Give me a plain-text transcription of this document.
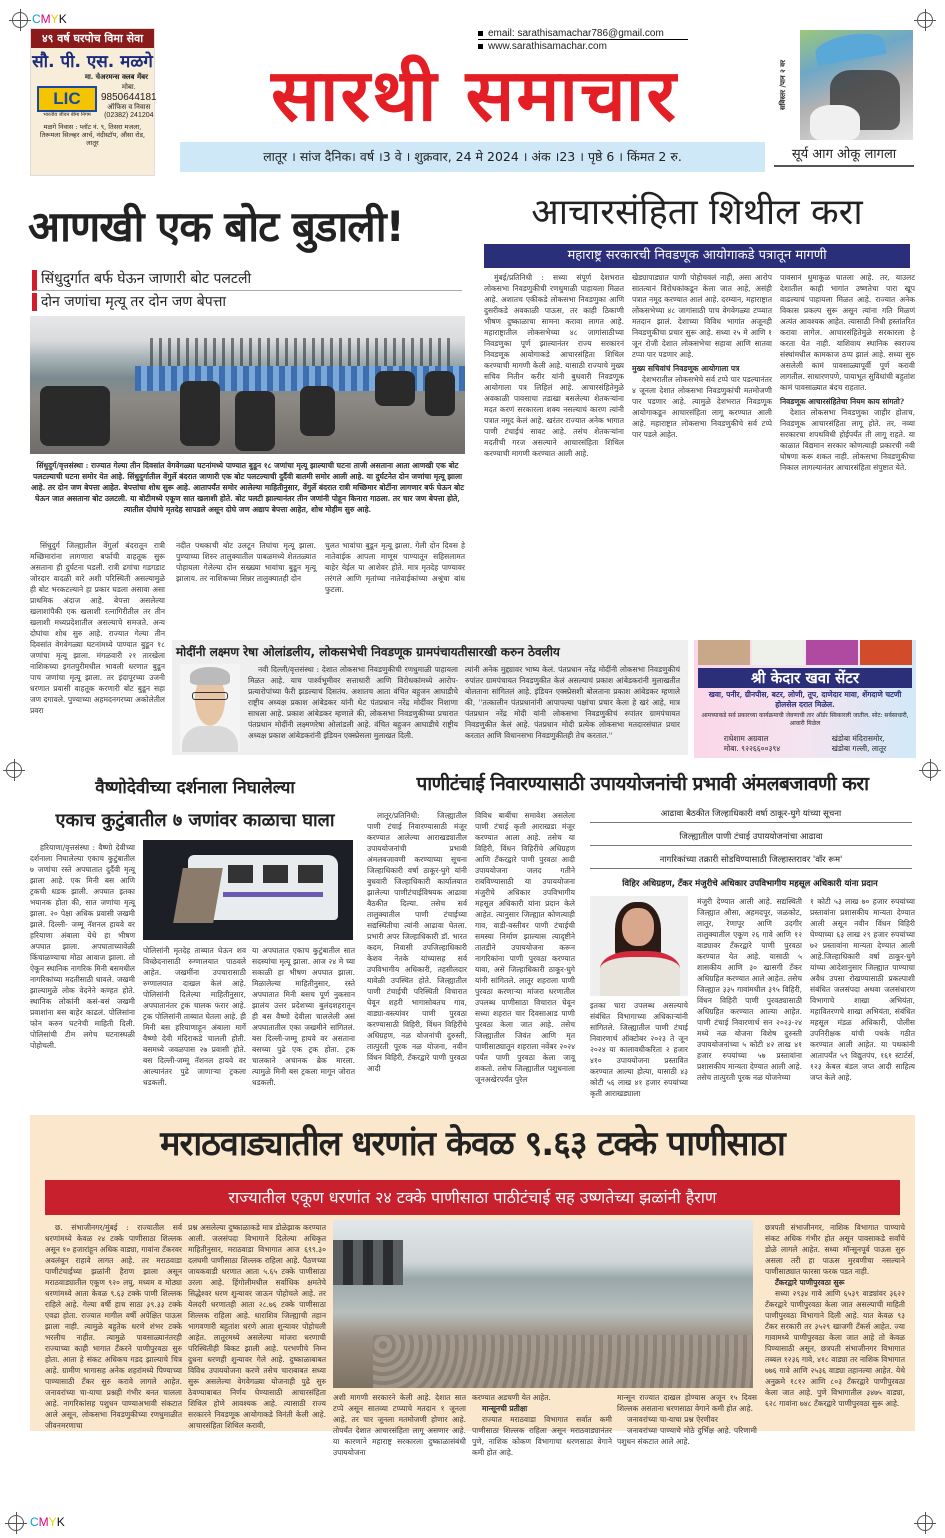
CMYK
CMYK
४९ वर्ष घरपोच विमा सेवा
सौ. पी. एस. मळगे
मा. चेअरमन्स क्लब मेंबर
LIC
भारतीय जीवन बीमा निगम
मोबा.
9850644181
ऑफिस व निवास
(02382) 241204
मळगे निवास : प्लॉट नं. ९, तिसरा मजला, तिरूमला सिल्व्हर आर्च, नंदीस्टॉप, औसा रोड, लातूर
email: sarathisamachar786@gmail.com
www.sarathisamachar.com
सारथी समाचार
लातूर । सांज दैनिक। वर्ष ।3 वे । शुक्रवार, 24 मे 2024 । अंक ।23 । पृष्ठे 6 । किंमत 2 रु.
सविस्तर /पान २ वर
सूर्य आग ओकू लागला
आणखी एक बोट बुडाली!
सिंधुदुर्गात बर्फ घेऊन जाणारी बोट पलटली
दोन जणांचा मृत्यू तर दोन जण बेपत्ता
सिंधुदुर्ग/वृत्तसंस्था : राज्यात गेल्या तीन दिवसांत वेगवेगळ्या घटनांमध्ये पाण्यात बुडून १८ जणांचा मृत्यू झाल्याची घटना ताजी असताना आता आणखी एक बोट पलटल्याची घटना समोर येत आहे. सिंधुदुर्गातील वेंगुर्ले बंदरात जाणारी एक बोट पलटल्याची दुर्दैवी बातमी समोर आली आहे. या दुर्घटनेत दोन जणांचा मृत्यू झाला आहे. तर दोन जण बेपत्ता आहेत. बेपत्तांचा शोध सुरू आहे. आतापर्यंत समोर आलेल्या माहितीनुसार, वेंगुर्ले बंदरात रात्री मच्छिमार बोटींना लागणार बर्फ घेऊन बोट घेऊन जात असताना बोट उलटली. या बोटीमध्ये एकूण सात खलाशी होते. बोट पलटी झाल्यानंतर तीन जणांनी पोहून किनारा गाठला. तर चार जण बेपत्ता होते, त्यातील दोघांचे मृतदेह सापडले असून दोघे जण अद्याप बेपत्ता आहेत, शोध मोहीम सुरु आहे.
सिंधुदुर्ग जिल्ह्यातील वेंगुर्ला बंदरातून रात्री मच्छिमारांना लागणारा बर्फाची वाहतूक सुरू असताना ही दुर्घटना घडली. रात्री ढगांचा गडगडाट जोरदार वादळी वारे अशी परिस्थिती असल्यामुळे ही बोट भरकटल्याने हा प्रकार घडला असावा असा प्राथमिक अंदाज आहे. बेपत्ता असलेल्या खलाशांपैकी एक खलाशी रत्नागिरीतील तर तीन खलाशी मध्यप्रदेशातील असल्याचे समजते. अन्य दोघांचा शोध सुरु आहे. राज्यात गेल्या तीन दिवसांत वेगवेगळ्या घटनांमध्ये पाण्यात बुडून १८ जणांचा मृत्यू झाला. मंगळवारी २१ तारखेला नाशिकच्या इगतपुरीमधील भावली धरणात बुडून पाच जणांचा मृत्यू झाला. तर इंदापूरच्या उजनी धरणात प्रवासी वाहतूक करणारी बोट बुडून सहा जण दगावले. पुण्याच्या अहमदनगरच्या अकोलेतील प्रवरा
नदीत पथकाची बोट उलटून तिघांचा मृत्यू झाला. पुण्याच्या शिरुर तालुक्यातील पाबळमध्ये शेततळ्यात पोहायला गेलेल्या दोन सख्ख्या भावांचा बुडून मृत्यू झालाय. तर नाशिकच्या सिन्नर तालुक्यातही दोन
चुलत भावांचा बुडून मृत्यू झाला. गेली दोन दिवस हे नातेवाईक आपला माणूस पाण्यातून सहिसलामत बाहेर येईल या आशेवर होते. मात्र मृतदेह पाण्यावर तरंगले आणि मृतांच्या नातेवाईकांच्या अश्रूंचा बांध फुटला.
आचारसंहिता शिथील करा
महाराष्ट्र सरकारची निवडणूक आयोगाकडे पत्रातून मागणी
मुंबई/प्रतिनिधी : सध्या संपूर्ण देशभरात लोकसभा निवडणुकीची रणधुमाळी पाहायला मिळत आहे. अशातच एकीकडे लोकसभा निवडणुका आणि दुसरीकडे अवकाळी पाऊस, तर काही ठिकाणी भीषण दुष्काळाचा सामना करावा लागत आहे. महाराष्ट्रातील लोकसभेच्या ४८ जागांसाठीच्या निवडणुका पूर्ण झाल्यानंतर राज्य सरकारनं निवडणूक आयोगाकडे आचारसंहिता शिथिल करण्याची मागणी केली आहे. यासाठी राज्याचे मुख्य सचिव नितीन करीर यांनी बुधवारी निवडणूक आयोगाला पत्र लिहिलं आहे. आचारसंहितेमुळे अवकाळी पावसाचा तडाखा बसलेल्या शेतकऱ्यांना मदत करणं सरकारला शक्य नसल्याचं कारण त्यांनी पत्रात नमूद केलं आहे. खरंतर राज्यात अनेक भागात पाणी टंचाईचं सावट आहे. तसंच शेतकऱ्यांना मदतीची गरज असल्याने आचारसंहिता शिथिल करण्याची मागणी करण्यात आली आहे.
खेड्यापाड्यात पाणी पोहोचवलं नाही, असा आरोप सातत्यानं विरोधकांकडून केला जात आहे, असंही पत्रात नमूद करण्यात आलं आहे. दरम्यान, महाराष्ट्रात लोकसभेच्या ४८ जागांसाठी पाच वेगवेगळ्या टप्प्यात मतदान झालं. देशाच्या विविध भागांत अजूनही निवडणुकीचा प्रचार सुरू आहे. सध्या २५ मे आणि १ जून रोजी देशात लोकसभेचा सहावा आणि सातवा टप्पा पार पडणार आहे.
मुख्य सचिवांचं निवडणूक आयोगाला पत्र
देशभरातील लोकसभेचे सर्व टप्पे पार पडल्यानंतर ४ जूनला देशात लोकसभा निवडणुकांची मतमोजणी पार पडणार आहे. त्यामुळे देशभरात निवडणूक आयोगाकडून आचारसंहिता लागू करण्यात आली आहे. महाराष्ट्रात लोकसभा निवडणुकीचे सर्व टप्पे पार पडले आहेत.
पावसानं धुमाकूळ घातला आहे. तर, याउलट देशातील काही भागांत उष्णतेचा पारा खूप वाढल्याचं पाहायला मिळत आहे. राज्यात अनेक विकास प्रकल्प सुरू असून त्यांना गति मिळणं अत्यंत आवश्यक आहेत. त्यासाठी निधी हस्तांतरित करावा लागेल. आचारसंहितेमुळे सरकारला हे करता येत नाही. याशिवाय स्थानिक स्वराज्य संस्थांमधील कामकाज ठप्प झालं आहे. सध्या सुरु असलेली कामं पावसाळ्यापूर्वी पूर्ण करावी लागतील. साधारणपणे, पायाभूत सुविधांची बहुतांश कामं पावसाळ्यात बंदच राहतात.
निवडणूक आचारसंहितेचा नियम काय सांगतो?
देशात लोकसभा निवडणुका जाहीर होताच, निवडणूक आचारसंहिता लागू होते. तर, नव्या सरकारचा शपथविधी होईपर्यंत ती लागू राहते. या काळात विद्यमान सरकार कोणत्याही प्रकारची नवी घोषणा करू शकत नाही. लोकसभा निवडणुकीचा निकाल लागल्यानंतर आचारसंहिता संपुष्टात येते.
मोदींनी लक्ष्मण रेषा ओलांडलीय, लोकसभेची निवडणूक ग्रामपंचायतीसारखी करुन ठेवलीय
नवी दिल्ली/वृत्तसंस्था : देशात लोकसभा निवडणुकीची रणधुमाळी पाहायला मिळत आहे. याच पार्श्वभूमीवर सत्ताधारी आणि विरोधकांमध्ये आरोप-प्रत्यारोपांच्या फैरी झडल्याचं दिसतंय. अशातच आता वंचित बहुजन आघाडीचे राष्ट्रीय अध्यक्ष प्रकाश आंबेडकर यांनी थेट पंतप्रधान नरेंद्र मोदींवर निशाणा साधला आहे. प्रकाश आंबेडकर म्हणाले की, लोकसभा निवडणुकीच्या प्रचारात पंतप्रधान मोदींनी लक्ष्मणरेषा ओलांडली आहे. वंचित बहुजन आघाडीचे राष्ट्रीय अध्यक्ष प्रकाश आंबेडकरांनी इंडियन एक्स्प्रेसला मुलाखत दिली.
त्यांनी अनेक मुद्द्यावर भाष्य केलं. पंतप्रधान नरेंद्र मोदींनी लोकसभा निवडणुकीचं रुपांतर ग्रामपंचायत निवडणुकीत केलं असल्याचं प्रकाश आंबेडकरांनी मुलाखतीत बोलताना सांगितलं आहे. इंडियन एक्स्प्रेसशी बोलताना प्रकाश आंबेडकर म्हणाले की, ''तत्कालीन पंतप्रधानांनी आपापल्या पक्षांचा प्रचार केला हे खरं आहे, मात्र पंतप्रधान नरेंद्र मोदी यांनी लोकसभा निवडणुकीचं रुपांतर ग्रामपंचायत निवडणुकीत केलं आहे. पंतप्रधान मोदी प्रत्येक लोकसभा मतदारसंघात प्रचार करतात आणि विधानसभा निवडणुकीतही तेच करतात.''
श्री केदार खवा सेंटर
खवा, पनीर, ग्रीनपीस, बटर, लोणी, तूप, दाणेदार मावा, शेंगदाणे चटणी होलसेल दरात मिळेल.
आमच्याकडे सर्व प्रकारच्या कार्यक्रमाची जेवणाची तार ऑर्डर स्विकारली जातील. सोट: सर्वसाधारी, आवारी मिळेल
राधेशाम अग्रवाल
मोबा. ९२२६६००३९४
खंडोबा मंदिरासमोर,
खंडोबा गल्ली, लातूर
वैष्णोदेवीच्या दर्शनाला निघालेल्या
एकाच कुटुंबातील ७ जणांवर काळाचा घाला
हरियाणा/वृत्तसंस्था : वैष्णो देवीच्या दर्शनाला निघालेल्या एकाच कुटुंबातील ७ जणांचा रस्ते अपघातात दुर्दैवी मृत्यू झाला आहे. एक मिनी बस आणि ट्रकची धडक झाली. अपघात इतका भयानक होता की, सात जणांचा मृत्यू झाला. २० पेक्षा अधिक प्रवासी जखमी झाले. दिल्ली- जम्मू नॅशनल हायवे वर हरियाणा अंबाला येथे हा भीषण अपघात झाला. अपघाताच्यावेळी किंचाळण्याचा मोठा आवाज झाला. तो ऐकून स्थानिक नागरिक मिनी बसमधील नागरिकांच्या मदतीसाठी धावले. जखमी झाल्यामुळे लोक वेदनेने कण्हत होते. स्थानिक लोकांनी कसं-बसं जखमी प्रवाशांना बस बाहेर काढलं. पोलिसांना फोन करुन घटनेची माहिती दिली. पोलिसांची टीम लगेच घटनास्थळी पोहोचली.
पोलिसांनी मृतदेह ताब्यात घेऊन शव विच्छेदनासाठी रुग्णालयात पाठवले आहेत. जखमींना उपचारासाठी रुग्णालयात दाखल केलं आहे. पोलिसांनी दिलेल्या माहितीनुसार, अपघातानंतर ट्रक चालक फरार आहे. ट्रक पोलिसांनी ताब्यात घेतला आहे. ही मिनी बस हरियाणाहून अंबाला मार्गे वैष्णो देवी मंदिराकडे चालली होती. बसमध्ये जवळपास २७ प्रवासी होते. बस दिल्ली-जम्मू नॅशनल हायवे वर आल्यानंतर पुढे जाणाऱ्या ट्रकला धडकली.
या अपघातात एकाच कुटुंबातील सात सदस्यांचा मृत्यू झाला. आज २४ मे च्या सकाळी हा भीषण अपघात झाला. मिळालेल्या माहितीनुसार, रस्ते अपघातात मिनी बसच पूर्ण नुकसान झालंय उत्तर प्रदेशच्या बुलंदशहरातून ही बस वैष्णो देवीला चाललेली असं अपघातातील एका जखमीने सांगितलं. बस दिल्ली-जम्मू हायवे वर असताना बसच्या पुढे एक ट्रक होता. ट्रक चालकाने अचानक ब्रेक मारला. त्यामुळे मिनी बस ट्रकला मागून जोरात धडकली.
पाणीटंचाई निवारण्यासाठी उपाययोजनांची प्रभावी अंमलबजावणी करा
आढावा बैठकीत जिल्हाधिकारी वर्षा ठाकूर-घुगे यांच्या सूचना
जिल्ह्यातील पाणी टंचाई उपाययोजनांचा आढावा
नागरिकांच्या तक्रारी सोडविण्यासाठी जिल्हास्तरावर 'वॉर रूम'
विहिर अधिग्रहण, टँकर मंजुरीचे अधिकार उपविभागीय महसूल अधिकारी यांना प्रदान
लातूर/प्रतिनिधी: जिल्ह्यातील पाणी टंचाई निवारण्यासाठी मंजूर करण्यात आलेल्या आराखड्यातील उपाययोजनांची प्रभावी अंमलबजावणी करण्याच्या सूचना जिल्हाधिकारी वर्षा ठाकूर-घुगे यांनी बुधवारी जिल्हाधिकारी कार्यालयात झालेल्या पाणीटंचाईविषयक आढावा बैठकीत दिल्या. तसेच सर्व तालुक्यातील पाणी टंचाईच्या सद्यस्थितीचा त्यांनी आढावा घेतला. प्रभारी अपर जिल्हाधिकारी डॉ. भारत कदम, निवासी उपजिल्हाधिकारी केशव नेतके यांच्यासह सर्व उपविभागीय अधिकारी, तहसीलदार यावेळी उपस्थित होते. जिल्ह्यातील पाणी टंचाईची परिस्थिती विचारात घेवून शहरी भागासोबतच गाव, वाड्या-वस्त्यांवर पाणी पुरवठा करण्यासाठी विहिरी, विंधन विहिरींचे अधिग्रहण, नळ योजनांची दुरुस्ती, तात्पुरती पूरक नळ योजना, नवीन विंधन विहिरी, टँकरद्वारे पाणी पुरवठा आदी
विविध बाबींचा समावेश असलेला पाणी टंचाई कृती आराखडा मंजूर करण्यात आला आहे. तसेच या विहिरी, विंधन विहिरींचे अधिग्रहण आणि टँकरद्वारे पाणी पुरवठा आदी उपाययोजना जलद गतीने राबविण्यासाठी या उपाययोजना मंजुरीचे अधिकार उपविभागीय महसूल अधिकारी यांना प्रदान केले आहेत. त्यानुसार जिल्ह्यात कोणत्याही गाव, वाडी-वस्तीवर पाणी टंचाईची समस्या निर्माण झाल्यास त्यादृष्टीने तातडीने उपाययोजना करून नागरिकांना पाणी पुरवठा करण्यात यावा, असे जिल्हाधिकारी ठाकूर-घुगे यांनी सांगितले. लातूर शहराला पाणी पुरवठा करणाऱ्या मांजरा धरणातील उपलब्ध पाणीसाठा विचारात घेवून सध्या शहरात चार दिवसाआड पाणी पुरवठा केला जात आहे. तसेच जिल्ह्यातील जिवंत आणि मृत पाणीसाठ्यातून शहराला नवेंबर २०२४ पर्यंत पाणी पुरवठा केला जावू शकतो. तसेच जिल्ह्यातील पशुधनाला जूनअखेरपर्यंत पुरेल
इतका चारा उपलब्ध असल्याचे संबंधित विभागाच्या अधिकाऱ्यांनी सांगितले. जिल्ह्यातील पाणी टंचाई निवारणार्थ ऑक्टोबर २०२३ ते जून २०२४ या कालावधीकरिता २ हजार ४१० उपाययोजना प्रस्तावित करण्यात आल्या होत्या, यासाठी ४३ कोटी ५६ लाख ४१ हजार रुपयांच्या कृती आराखड्याला
मंजुरी देण्यात आली आहे. सद्यस्थिती जिल्ह्यात औसा, अहमदपूर, जळकोट, लातूर, रेणापूर आणि उदगीर तालुक्यातील एकूण २६ गावे आणि १२ वाड्यावर टँकरद्वारे पाणी पुरवठा करण्यात येत आहे. यासाठी ५ शासकीय आणि ३० खासगी टँकर अधिग्रहित करण्यात आले आहेत. तसेच जिल्ह्यात ३३५ गावांमधील ३९५ विहिरी, विंधन विहिरी पाणी पुरवठ्यासाठी अधिग्रहित करण्यात आल्या आहेत. पाणी टंचाई निवारणार्थ सन २०२३-२४ मध्ये नळ योजना विशेष दुरुस्ती उपाययोजनांच्या ५ कोटी ४२ लाख ४१ हजार रुपयांच्या ५७ प्रस्तावांना प्रशासकीय मान्यता देण्यात आली आहे. तसेच तात्पुरती पूरक नळ योजनेच्या
१ कोटी ५३ लाख ७० हजार रुपयांच्या प्रस्तावांना प्रशासकीय मान्यता देण्यात आली असून नवीन विंधन विहिरी घेण्याच्या ६३ लाख २९ हजार रुपयांच्या ७२ प्रस्तावांना मान्यता देण्यात आली आहे.जिल्हाधिकारी वर्षा ठाकूर-घुगे यांच्या आदेशानुसार जिल्ह्यात पाण्याचा अवैध उपसा रोखण्यासाठी प्रकल्पाशी संबंधित जलसंपदा अथवा जलसंधारण विभागाचे शाखा अभियंता, महावितरणचे शाखा अभियंता, संबंधित महसूल मंडळ अधिकारी, पोलीस उपनिरीक्षक यांची पथके गठीत करण्यात आली आहेत. या पथकांनी आतापर्यंत ५९ विद्युतपंप, १६१ स्टार्टर्स, १२३ केबल बंडल जप्त आदी साहित्य जप्त केले आहे.
मराठवाड्यातील धरणांत केवळ ९.६३ टक्के पाणीसाठा
राज्यातील एकूण धरणांत २४ टक्के पाणीसाठा पाठीटंचाई सह उष्णतेच्या झळांनी हैराण
छ. संभाजीनगर/मुंबई : राज्यातील सर्व धरणांमध्ये केवळ २४ टक्के पाणीसाठा शिल्लक असून १० हजारांहून अधिक वाड्या, गावांना टँकरवर अवलंबून राहावे लागत आहे. तर मराठवाडा पाणीटंचाईच्या झळांनी हैराण झाला असून मराठवाड्यातील एकूण ९२० लघु, मध्यम व मोठ्या धरणांमध्ये आता केवळ ९.६३ टक्के पाणी शिल्लक राहिले आहे. गेल्या वर्षी हाच साठा ३९.३३ टक्के एवढा होता. राज्यात मागील वर्षी अपेक्षित पाऊस झाला नाही. त्यामुळे बहुतेक धरणे शंभर टक्के भरलीच नाहीत. त्यामुळे पावसाळ्यानंतरही राज्याच्या काही भागात टँकरने पाणीपुरवठा सुरु होता. आता हे संकट अधिकच गडद झाल्याचे चित्र आहे. ग्रामीण भागासह अनेक शहरांमध्ये पिण्याच्या पाण्यासाठी टँकर सुरु करावे लागले आहेत. जनावरांच्या चा-याचा प्रश्नही गंभीर बनत चालला आहे. नागरिकांसह पशुधन पाण्याअभावी संकटात आले असून, लोकसभा निवडणुकीच्या रणधुमाळीत जीवनमरणाचा
प्रश्न असलेल्या दुष्काळाकडे मात्र डोळेझाक करण्यात आली. जलसंपदा विभागाने दिलेल्या अधिकृत माहितीनुसार, मराठवाडा विभागात आज ६९९.३० दलघमी पाणीसाठा शिल्लक राहिला आहे. पैठणच्या जायकवाडी धरणात आता ५.६५ टक्के पाणीसाठा उरला आहे. हिंगोलीमधील सर्वाधिक क्षमतेचे सिद्धेश्वर धरण शुन्यावर जाऊन पोहोचले आहे. तर येलदरी धरणातही आता २८.७६ टक्के पाणीसाठा शिल्लक राहिला आहे. धाराशिव जिल्ह्याची तहान भागवणारी बहुतांश धरणे आता शुन्यावर पोहोचली आहेत. लातूरमध्ये असलेल्या मांजरा धरणाची परिस्थितीही बिकट झाली आहे. परभणीचे निम्न दुधना धरणही शुन्यावर गेले आहे. दुष्काळाबाबत विविध उपाययोजना करणे तसेच चाराबाबत सध्या सुरू असलेल्या वेगवेगळ्या योजनाही पुढे सुरु ठेवण्याबाबत निर्णय घेण्यासाठी आचारसंहिता शिथिल होणे आवश्यक आहे. त्यासाठी राज्य सरकारने निवडणूक आयोगाकडे विनंती केली आहे. आचारसंहिता शिथिल करावी,
अशी मागणी सरकारने केली आहे. देशात सात टप्पे असून सातव्या टप्प्याचे मतदान १ जूनला आहे. तर चार जूनला मतमोजणी होणार आहे. तोपर्यंत देशात आचारसंहिता लागू असणार आहे. या कारणाने महाराष्ट्र सरकारला दुष्काळासंबंधी उपाययोजना
करण्यात अडचणी येत आहेत.
मान्सूनची प्रतीक्षा
राज्यात मराठवाडा विभागात सर्वात कमी पाणीसाठा शिल्लक राहिला असून मराठवाड्यानंतर पुणे, नाशिक कोकण विभागाचा धरणसाठा वेगाने कमी होत आहे.
मान्सून राज्यात दाखल होण्यास अजून १५ दिवस शिल्लक असताना धरणसाठा वेगाने कमी होत आहे.
जनावरांच्या चा-याचा प्रश्न ऐरणीवर
जनावरांच्या पाण्याचे मोठे दुर्भिक्ष आहे. परिणामी पशुधन संकटात आले आहे.
छत्रपती संभाजीनगर, नाशिक विभागात पाण्याचे संकट अधिक गंभीर होत असून पावसाकडे सर्वांचे डोळे लागले आहेत. सध्या मॉन्सूनपूर्व पाऊस सुरु असला तरी हा पाऊस मुरवणीचा नसल्याने पाणीसाठ्यात फारसा फरक पडत नाही.
टँकरद्वारे पाणीपुरवठा सुरू
सध्या २९३४ गावे आणि ६५३९ वाड्यांवर ३६२२ टँकरद्वारे पाणीपुरवठा केला जात असल्याची माहिती पाणीपुरवठा विभागाने दिली आहे. यात केवळ ९३ टँकर सरकारी तर ३५२९ खाजगी टँकर्स आहेत. ज्या गावामध्ये पाणीपुरवठा केला जात आहे तो केवळ पिण्यासाठी असून, छत्रपती संभाजीनगर विभागात तब्बल १२३६ गावे, ४१८ वाड्या तर नाशिक विभागात ७७६ गावे आणि २५३६ वाड्या तहानल्या आहेत. येथे अनुक्रमे १८१२ आणि ८०३ टँकरद्वारे पाणीपुरवठा केला जात आहे. पुणे विभागातील ३४७५ वाड्या, ६२८ गावांना ७४८ टँकरद्वारे पाणीपुरवठा सुरू आहे.
